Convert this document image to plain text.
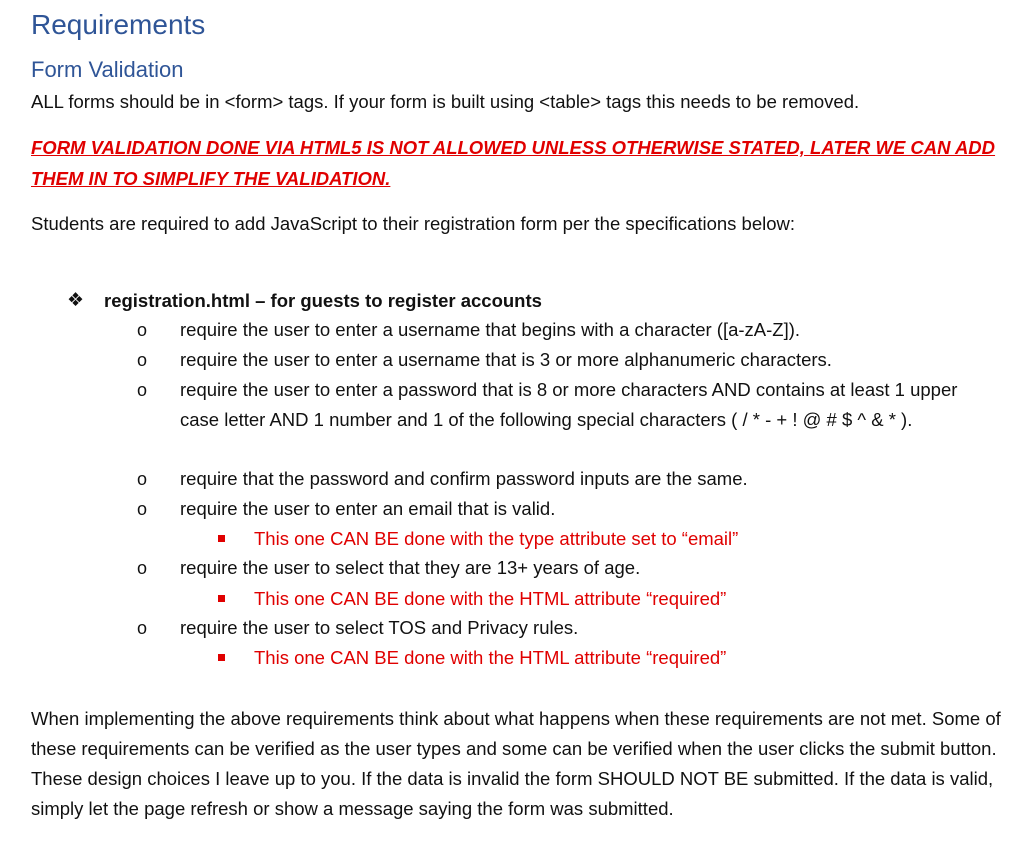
Requirements
Form Validation
ALL forms should be in <form> tags. If your form is built using <table> tags this needs to be removed.
FORM VALIDATION DONE VIA HTML5 IS NOT ALLOWED UNLESS OTHERWISE STATED, LATER WE CAN ADD THEM IN TO SIMPLIFY THE VALIDATION.
Students are required to add JavaScript to their registration form per the specifications below:
❖ registration.html – for guests to register accounts
o require the user to enter a username that begins with a character ([a-zA-Z]).
o require the user to enter a username that is 3 or more alphanumeric characters.
o require the user to enter a password that is 8 or more characters AND contains at least 1 upper case letter AND 1 number and 1 of the following special characters ( / * - + ! @ # $ ^ & * ).
o require that the password and confirm password inputs are the same.
o require the user to enter an email that is valid.
This one CAN BE done with the type attribute set to “email”
o require the user to select that they are 13+ years of age.
This one CAN BE done with the HTML attribute “required”
o require the user to select TOS and Privacy rules.
This one CAN BE done with the HTML attribute “required”
When implementing the above requirements think about what happens when these requirements are not met. Some of these requirements can be verified as the user types and some can be verified when the user clicks the submit button. These design choices I leave up to you. If the data is invalid the form SHOULD NOT BE submitted. If the data is valid, simply let the page refresh or show a message saying the form was submitted.
